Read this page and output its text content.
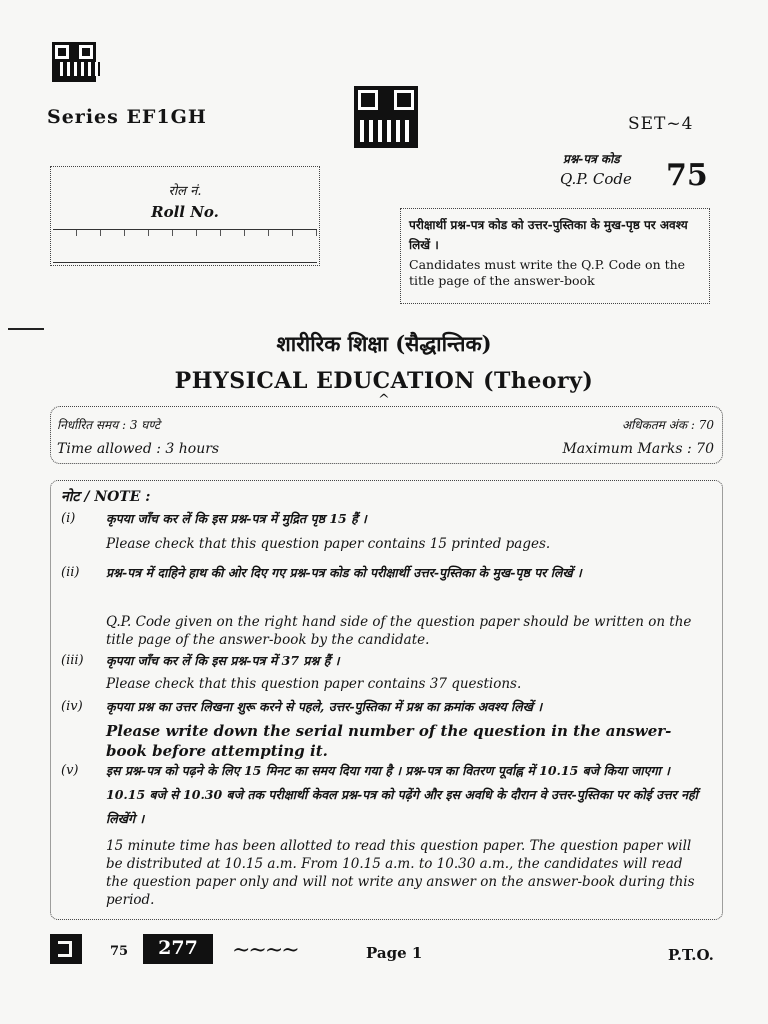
Series EF1GH	SET~4
प्रश्न-पत्र कोड
Q.P. Code 75
रोल नं.
Roll No.
परीक्षार्थी प्रश्न-पत्र कोड को उत्तर-पुस्तिका के मुख-पृष्ठ पर अवश्य लिखें ।
Candidates must write the Q.P. Code on the title page of the answer-book
शारीरिक शिक्षा (सैद्धान्तिक)
PHYSICAL EDUCATION (Theory)
^
निर्धारित समय : 3 घण्टे
Time allowed : 3 hours
अधिकतम अंक : 70
Maximum Marks : 70
नोट / NOTE :
(i) कृपया जाँच कर लें कि इस प्रश्न-पत्र में मुद्रित पृष्ठ 15 हैं ।
Please check that this question paper contains 15 printed pages.
(ii) प्रश्न-पत्र में दाहिने हाथ की ओर दिए गए प्रश्न-पत्र कोड को परीक्षार्थी उत्तर-पुस्तिका के मुख-पृष्ठ पर लिखें ।
Q.P. Code given on the right hand side of the question paper should be written on the title page of the answer-book by the candidate.
(iii) कृपया जाँच कर लें कि इस प्रश्न-पत्र में 37 प्रश्न हैं ।
Please check that this question paper contains 37 questions.
(iv) कृपया प्रश्न का उत्तर लिखना शुरू करने से पहले, उत्तर-पुस्तिका में प्रश्न का क्रमांक अवश्य लिखें ।
Please write down the serial number of the question in the answer-book before attempting it.
(v) इस प्रश्न-पत्र को पढ़ने के लिए 15 मिनट का समय दिया गया है । प्रश्न-पत्र का वितरण पूर्वाह्न में 10.15 बजे किया जाएगा । 10.15 बजे से 10.30 बजे तक परीक्षार्थी केवल प्रश्न-पत्र को पढ़ेंगे और इस अवधि के दौरान वे उत्तर-पुस्तिका पर कोई उत्तर नहीं लिखेंगे ।
15 minute time has been allotted to read this question paper. The question paper will be distributed at 10.15 a.m. From 10.15 a.m. to 10.30 a.m., the candidates will read the question paper only and will not write any answer on the answer-book during this period.
75	277	~~~~	Page 1	P.T.O.
